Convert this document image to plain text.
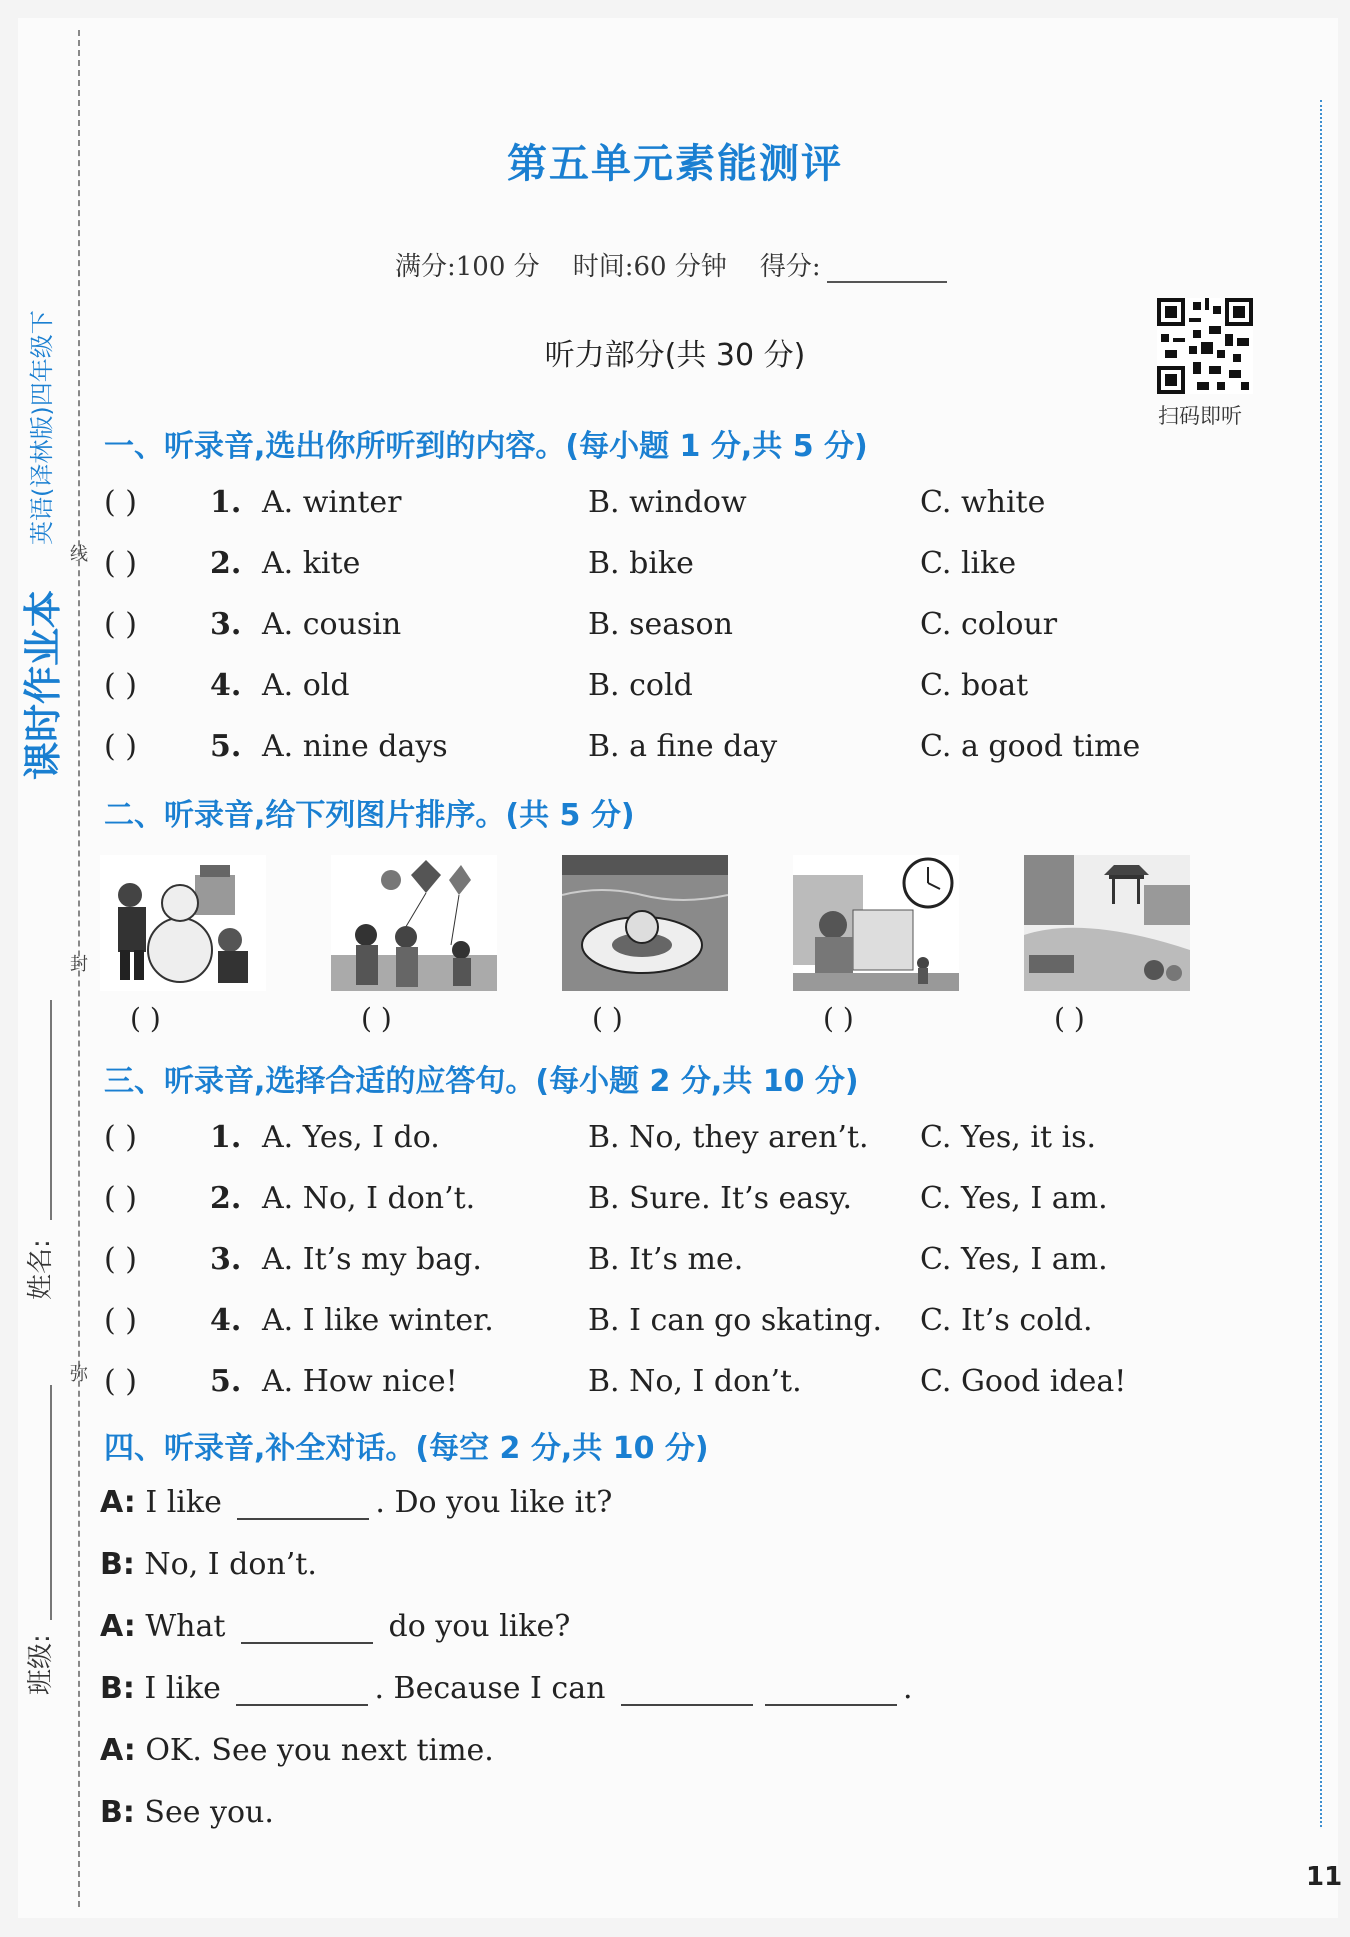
课时作业本
英语(译林版)四年级下
姓名:
班级:
线
封
弥
第五单元素能测评
满分:100 分 时间:60 分钟 得分:
扫码即听
听力部分(共 30 分)
一、听录音,选出你所听到的内容。(每小题 1 分,共 5 分)
( ) 1. A. winter	B. window	C. white
( ) 2. A. kite	B. bike	C. like
( ) 3. A. cousin	B. season	C. colour
( ) 4. A. old	B. cold	C. boat
( ) 5. A. nine days	B. a fine day	C. a good time
二、听录音,给下列图片排序。(共 5 分)
( )	( )	( )	( )	( )
三、听录音,选择合适的应答句。(每小题 2 分,共 10 分)
( ) 1. A. Yes, I do.	B. No, they aren’t. C. Yes, it is.
( ) 2. A. No, I don’t.	B. Sure. It’s easy. C. Yes, I am.
( ) 3. A. It’s my bag.	B. It’s me.	C. Yes, I am.
( ) 4. A. I like winter.	B. I can go skating. C. It’s cold.
( ) 5. A. How nice!	B. No, I don’t.	C. Good idea!
四、听录音,补全对话。(每空 2 分,共 10 分)
A: I like	. Do you like it?
B: No, I don’t.
A: What	do you like?
B: I like	. Because I can	.
A: OK. See you next time.
B: See you.
11
